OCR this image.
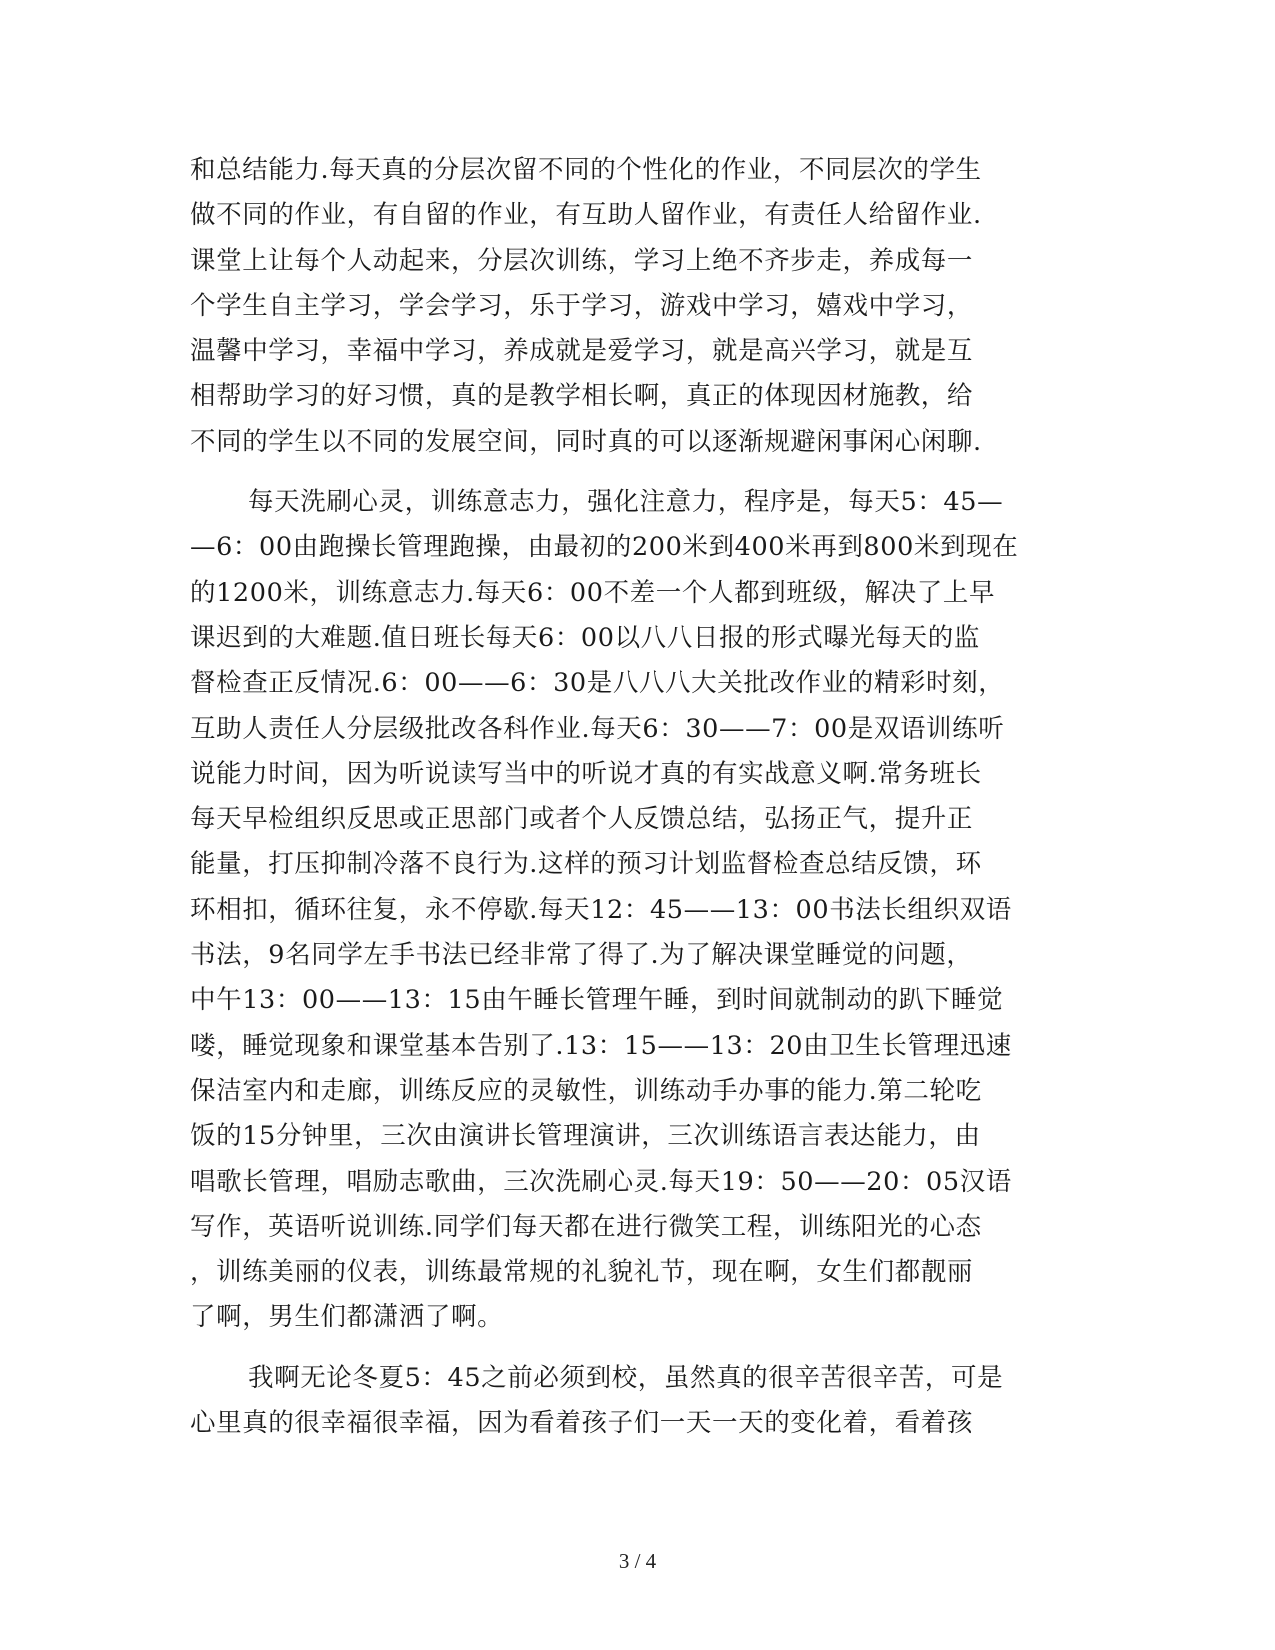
和总结能力.每天真的分层次留不同的个性化的作业，不同层次的学生
做不同的作业，有自留的作业，有互助人留作业，有责任人给留作业.
课堂上让每个人动起来，分层次训练，学习上绝不齐步走，养成每一
个学生自主学习，学会学习，乐于学习，游戏中学习，嬉戏中学习，
温馨中学习，幸福中学习，养成就是爱学习，就是高兴学习，就是互
相帮助学习的好习惯，真的是教学相长啊，真正的体现因材施教，给
不同的学生以不同的发展空间，同时真的可以逐渐规避闲事闲心闲聊.
每天洗刷心灵，训练意志力，强化注意力，程序是，每天5：45—
—6：00由跑操长管理跑操，由最初的200米到400米再到800米到现在
的1200米，训练意志力.每天6：00不差一个人都到班级，解决了上早
课迟到的大难题.值日班长每天6：00以八八日报的形式曝光每天的监
督检查正反情况.6：00——6：30是八八八大关批改作业的精彩时刻，
互助人责任人分层级批改各科作业.每天6：30——7：00是双语训练听
说能力时间，因为听说读写当中的听说才真的有实战意义啊.常务班长
每天早检组织反思或正思部门或者个人反馈总结，弘扬正气，提升正
能量，打压抑制冷落不良行为.这样的预习计划监督检查总结反馈，环
环相扣，循环往复，永不停歇.每天12：45——13：00书法长组织双语
书法，9名同学左手书法已经非常了得了.为了解决课堂睡觉的问题，
中午13：00——13：15由午睡长管理午睡，到时间就制动的趴下睡觉
喽，睡觉现象和课堂基本告别了.13：15——13：20由卫生长管理迅速
保洁室内和走廊，训练反应的灵敏性，训练动手办事的能力.第二轮吃
饭的15分钟里，三次由演讲长管理演讲，三次训练语言表达能力，由
唱歌长管理，唱励志歌曲，三次洗刷心灵.每天19：50——20：05汉语
写作，英语听说训练.同学们每天都在进行微笑工程，训练阳光的心态
，训练美丽的仪表，训练最常规的礼貌礼节，现在啊，女生们都靓丽
了啊，男生们都潇洒了啊。
我啊无论冬夏5：45之前必须到校，虽然真的很辛苦很辛苦，可是
心里真的很幸福很幸福，因为看着孩子们一天一天的变化着，看着孩
3 / 4
